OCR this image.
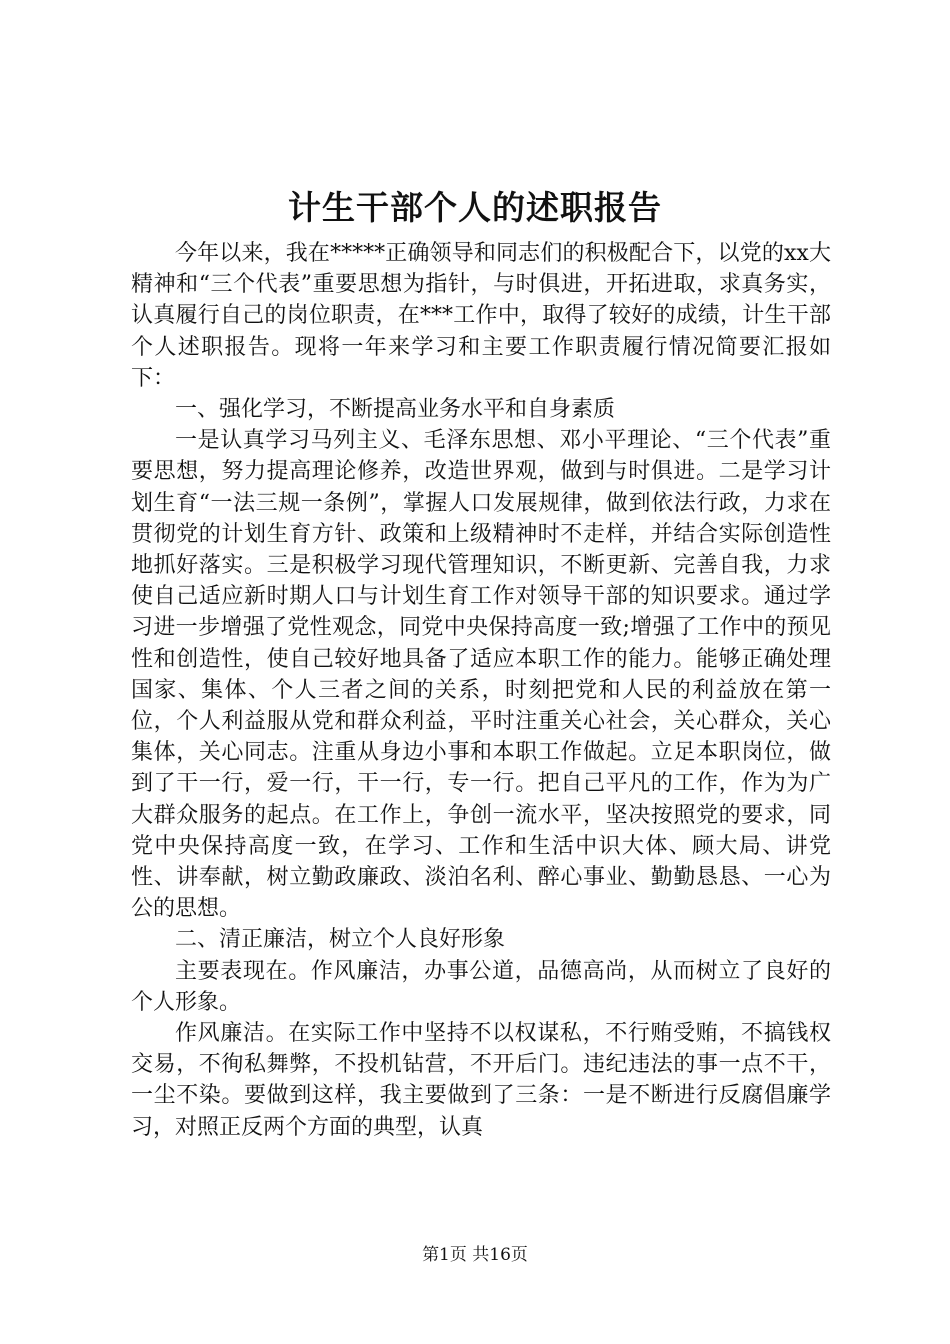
计生干部个人的述职报告

今年以来，我在*****正确领导和同志们的积极配合下，以党的xx大精神和“三个代表”重要思想为指针，与时俱进，开拓进取，求真务实，认真履行自己的岗位职责，在***工作中，取得了较好的成绩，计生干部个人述职报告。现将一年来学习和主要工作职责履行情况简要汇报如下：

一、强化学习，不断提高业务水平和自身素质

一是认真学习马列主义、毛泽东思想、邓小平理论、“三个代表”重要思想，努力提高理论修养，改造世界观，做到与时俱进。二是学习计划生育“一法三规一条例”，掌握人口发展规律，做到依法行政，力求在贯彻党的计划生育方针、政策和上级精神时不走样，并结合实际创造性地抓好落实。三是积极学习现代管理知识，不断更新、完善自我，力求使自己适应新时期人口与计划生育工作对领导干部的知识要求。通过学习进一步增强了党性观念，同党中央保持高度一致;增强了工作中的预见性和创造性，使自己较好地具备了适应本职工作的能力。能够正确处理国家、集体、个人三者之间的关系，时刻把党和人民的利益放在第一位，个人利益服从党和群众利益，平时注重关心社会，关心群众，关心集体，关心同志。注重从身边小事和本职工作做起。立足本职岗位，做到了干一行，爱一行，干一行，专一行。把自己平凡的工作，作为为广大群众服务的起点。在工作上，争创一流水平，坚决按照党的要求，同党中央保持高度一致，在学习、工作和生活中识大体、顾大局、讲党性、讲奉献，树立勤政廉政、淡泊名利、醉心事业、勤勤恳恳、一心为公的思想。

二、清正廉洁，树立个人良好形象

主要表现在。作风廉洁，办事公道，品德高尚，从而树立了良好的个人形象。

作风廉洁。在实际工作中坚持不以权谋私，不行贿受贿，不搞钱权交易，不徇私舞弊，不投机钻营，不开后门。违纪违法的事一点不干，一尘不染。要做到这样，我主要做到了三条：一是不断进行反腐倡廉学习，对照正反两个方面的典型，认真

第1页 共16页
